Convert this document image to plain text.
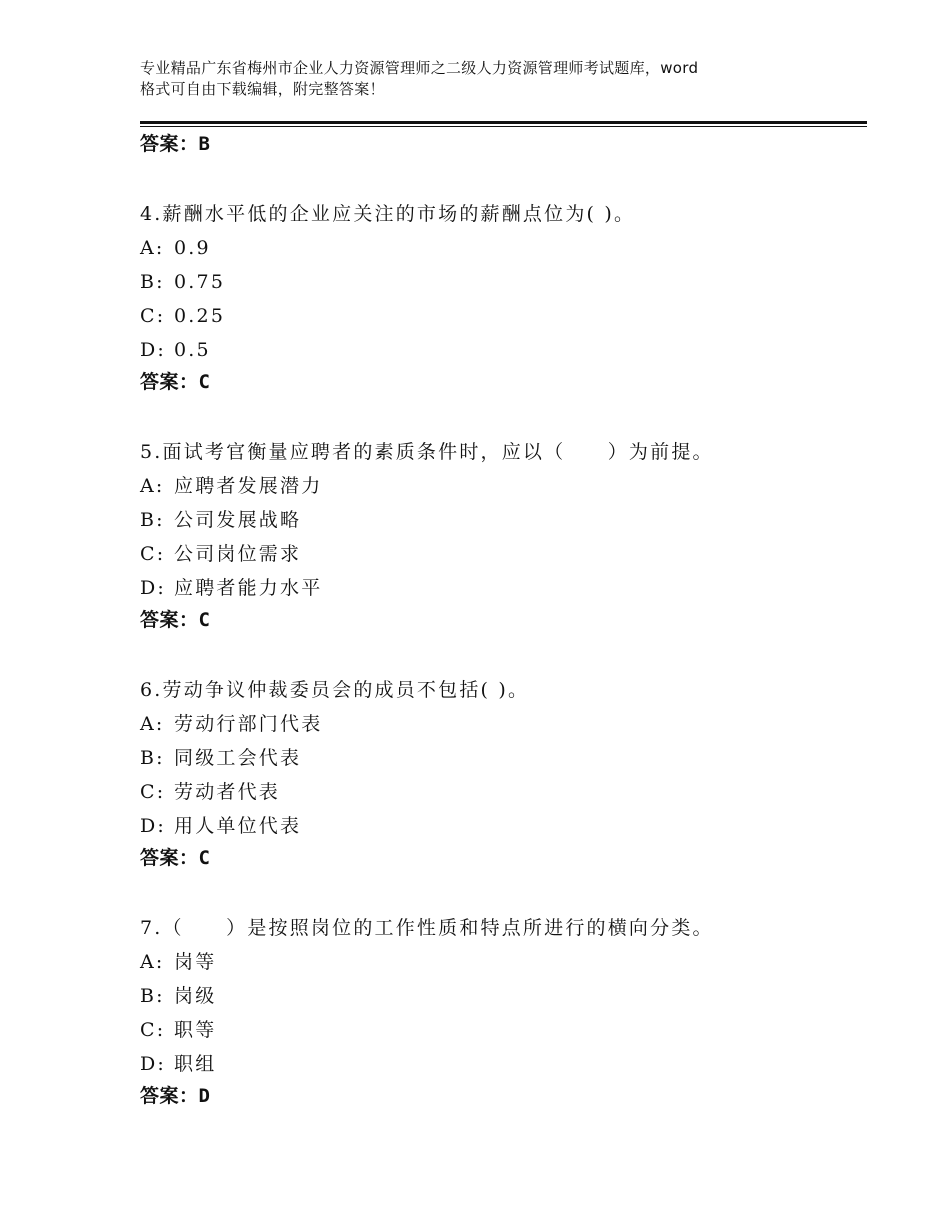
专业精品广东省梅州市企业人力资源管理师之二级人力资源管理师考试题库，word
格式可自由下载编辑，附完整答案！
答案：B
4.薪酬水平低的企业应关注的市场的薪酬点位为( )。
A: 0.9
B: 0.75
C: 0.25
D: 0.5
答案：C
5.面试考官衡量应聘者的素质条件时，应以（　　）为前提。
A: 应聘者发展潜力
B: 公司发展战略
C: 公司岗位需求
D: 应聘者能力水平
答案：C
6.劳动争议仲裁委员会的成员不包括( )。
A: 劳动行部门代表
B: 同级工会代表
C: 劳动者代表
D: 用人单位代表
答案：C
7.（　　）是按照岗位的工作性质和特点所进行的横向分类。
A: 岗等
B: 岗级
C: 职等
D: 职组
答案：D
